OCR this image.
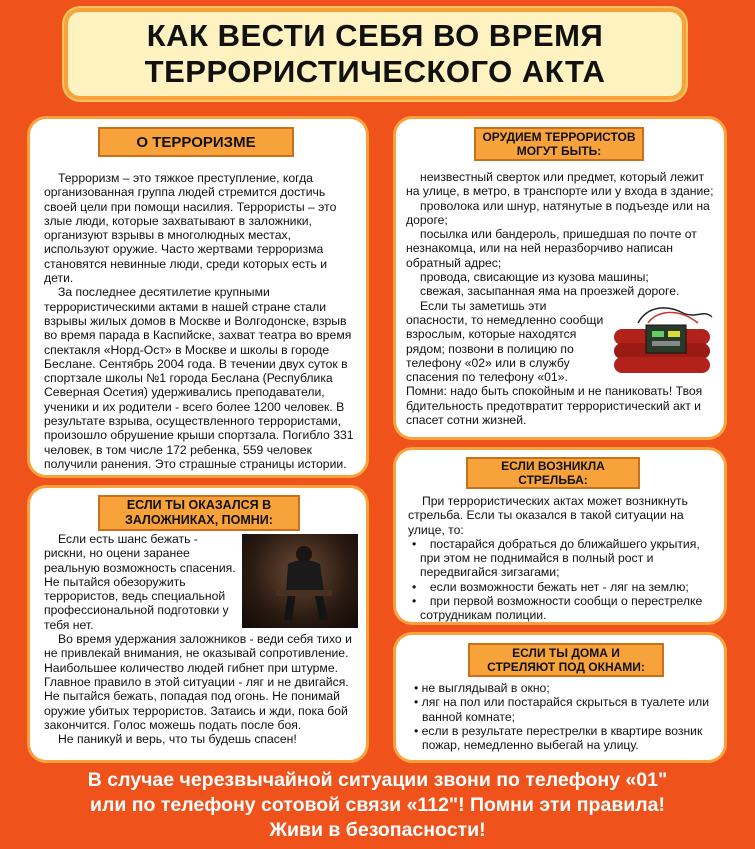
КАК ВЕСТИ СЕБЯ ВО ВРЕМЯ
ТЕРРОРИСТИЧЕСКОГО АКТА
О ТЕРРОРИЗМЕ

Терроризм – это тяжкое преступление, когда организованная группа людей стремится достичь своей цели при помощи насилия. Террористы – это злые люди, которые захватывают в заложники, организуют взрывы в многолюдных местах, используют оружие. Часто жертвами терроризма становятся невинные люди, среди которых есть и дети.

За последнее десятилетие крупными террористическими актами в нашей стране стали взрывы жилых домов в Москве и Волгодонске, взрыв во время парада в Каспийске, захват театра во время спектакля «Норд-Ост» в Москве и школы в городе Беслане. Сентябрь 2004 года. В течении двух суток в спортзале школы №1 города Беслана (Республика Северная Осетия) удерживались преподаватели, ученики и их родители - всего более 1200 человек. В результате взрыва, осуществленного террористами, произошло обрушение крыши спортзала. Погибло 331 человек, в том числе 172 ребенка, 559 человек получили ранения. Это страшные страницы истории.

ОРУДИЕМ ТЕРРОРИСТОВ
МОГУТ БЫТЬ:

неизвестный сверток или предмет, который лежит на улице, в метро, в транспорте или у входа в здание;

проволока или шнур, натянутые в подъезде или на дороге;

посылка или бандероль, пришедшая по почте от незнакомца, или на ней неразборчиво написан обратный адрес;

провода, свисающие из кузова машины;

свежая, засыпанная яма на проезжей дороге.

Если ты заметишь эти опасности, то немедленно сообщи взрослым, которые находятся рядом; позвони в полицию по телефону «02» или в службу спасения по телефону «01». Помни: надо быть спокойным и не паниковать! Твоя бдительность предотвратит террористический акт и спасет сотни жизней.

ЕСЛИ ВОЗНИКЛА
СТРЕЛЬБА:

При террористических актах может возникнуть стрельба. Если ты оказался в такой ситуации на улице, то:

•    постарайся добраться до ближайшего укрытия, при этом не поднимайся в полный рост и передвигайся зигзагами;

•    если возможности бежать нет - ляг на землю;

•    при первой возможности сообщи о перестрелке сотрудникам полиции.

ЕСЛИ ТЫ ОКАЗАЛСЯ В
ЗАЛОЖНИКАХ, ПОМНИ:

Если есть шанс бежать - рискни, но оцени заранее реальную возможность спасения. Не пытайся обезоружить террористов, ведь специальной профессиональной подготовки у тебя нет.

Во время удержания заложников - веди себя тихо и не привлекай внимания, не оказывай сопротивление. Наибольшее количество людей гибнет при штурме. Главное правило в этой ситуации - ляг и не двигайся. Не пытайся бежать, попадая под огонь. Не понимай оружие убитых террористов. Затаись и жди, пока бой закончится. Голос можешь подать после боя.

Не паникуй и верь, что ты будешь спасен!

ЕСЛИ ТЫ ДОМА И
СТРЕЛЯЮТ ПОД ОКНАМИ:

• не выглядывай в окно;

• ляг на пол или постарайся скрыться в туалете или ванной комнате;

• если в результате перестрелки в квартире возник пожар, немедленно выбегай на улицу.

В случае черезвычайной ситуации звони по телефону «01"
или по телефону сотовой связи «112"! Помни эти правила!
Живи в безопасности!
